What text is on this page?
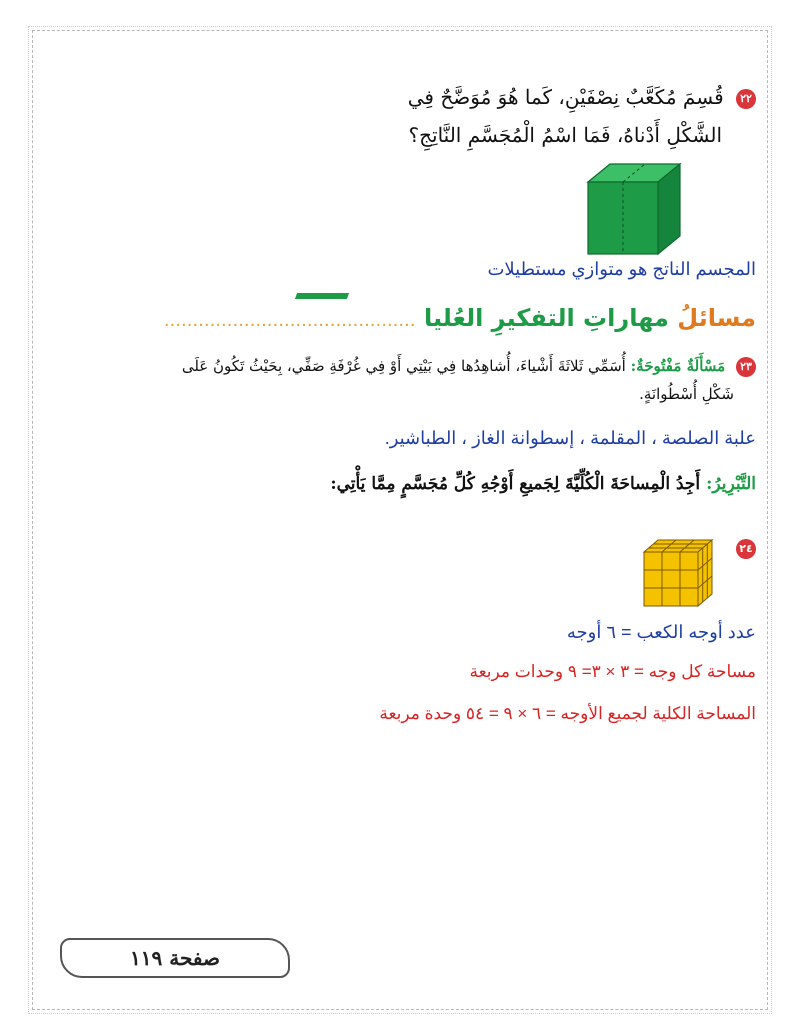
٢٢ قُسِمَ مُكَعَّبٌ نِصْفَيْنِ، كَما هُوَ مُوَضَّحٌ فِي
الشَّكْلِ أَدْناهُ، فَمَا اسْمُ الْمُجَسَّمِ النَّاتِجِ؟
المجسم الناتج هو متوازي مستطيلات
مسائلُ مهاراتِ التفكيرِ العُليا ............................................
٢٣ مَسْأَلَةٌ مَفْتُوحَةٌ: أُسَمِّي ثَلاثَةَ أَشْياءَ، أُشاهِدُها فِي بَيْتِي أَوْ فِي غُرْفَةِ صَفِّي، بِحَيْثُ تَكُونُ عَلَى
شَكْلِ أُسْطُوانَةٍ.
علبة الصلصة ، المقلمة ، إسطوانة الغاز ، الطباشير.
التَّبْرِيرُ: أَجِدُ الْمِساحَةَ الْكُلِّيَّةَ لِجَميعِ أَوْجُهِ كُلِّ مُجَسَّمٍ مِمَّا يَأْتِي:
٢٤
عدد أوجه الكعب = ٦ أوجه
مساحة كل وجه = ٣ × ٣= ٩ وحدات مربعة
المساحة الكلية لجميع الأوجه = ٦ × ٩ = ٥٤ وحدة مربعة
صفحة ١١٩
